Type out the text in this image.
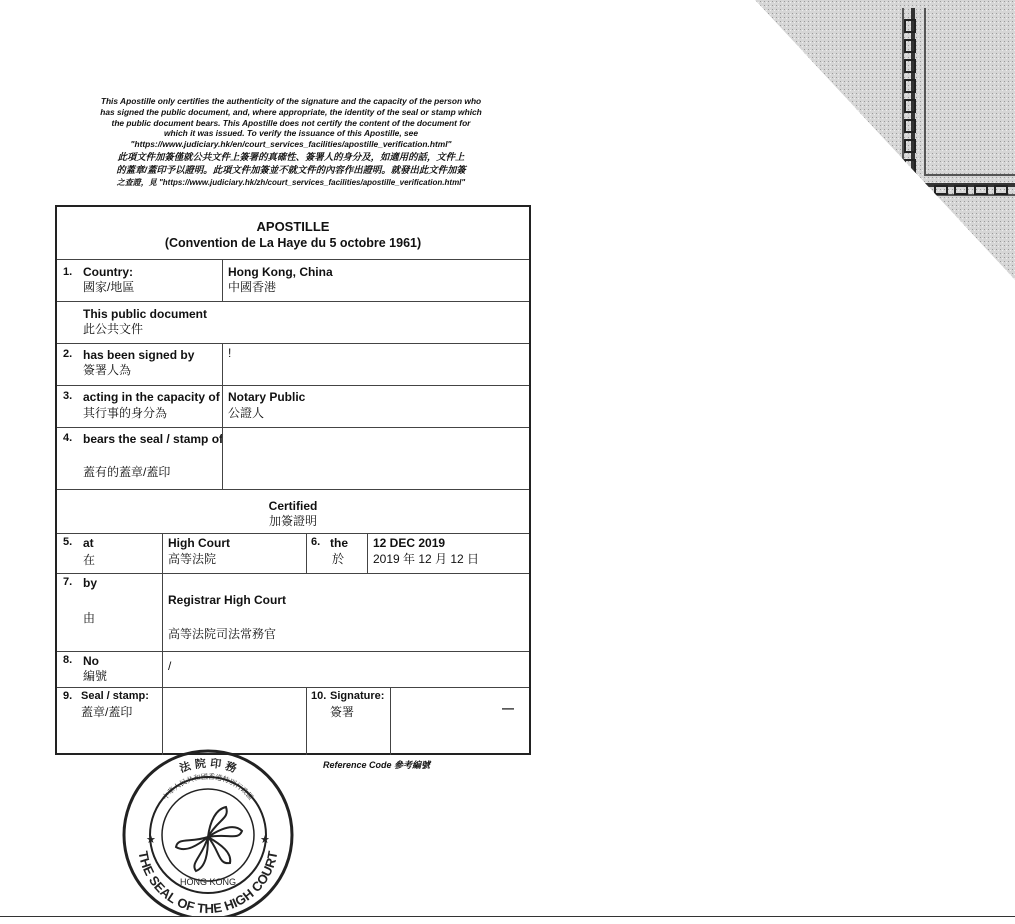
This Apostille only certifies the authenticity of the signature and the capacity of the person who
has signed the public document, and, where appropriate, the identity of the seal or stamp which
the public document bears. This Apostille does not certify the content of the document for
which it was issued. To verify the issuance of this Apostille, see
"https://www.judiciary.hk/en/court_services_facilities/apostille_verification.html"
此項文件加簽僅就公共文件上簽署的真確性、簽署人的身分及，如適用的話，文件上
的蓋章/蓋印予以證明。此項文件加簽並不就文件的內容作出證明。就發出此文件加簽
之查證，見 "https://www.judiciary.hk/zh/court_services_facilities/apostille_verification.html"
APOSTILLE
(Convention de La Haye du 5 octobre 1961)
1. Country:
國家/地區
Hong Kong, China
中國香港
This public document
此公共文件
2. has been signed by
簽署人為
!
3. acting in the capacity of
其行事的身分為
Notary Public
公證人
4. bears the seal / stamp of
蓋有的蓋章/蓋印
Certified
加簽證明
5. at
在
High Court
高等法院
6. the
於
12 DEC 2019
2019 年 12 月 12 日
7. by
由
Registrar High Court
高等法院司法常務官
8. No
編號
/
9. Seal / stamp:
蓋章/蓋印
10. Signature:
簽署	—
Reference Code 參考編號
法 院 印 務
中華人民共和國香港特別行政區
THE SEAL OF THE HIGH COURT
HONG KONG
★	★
